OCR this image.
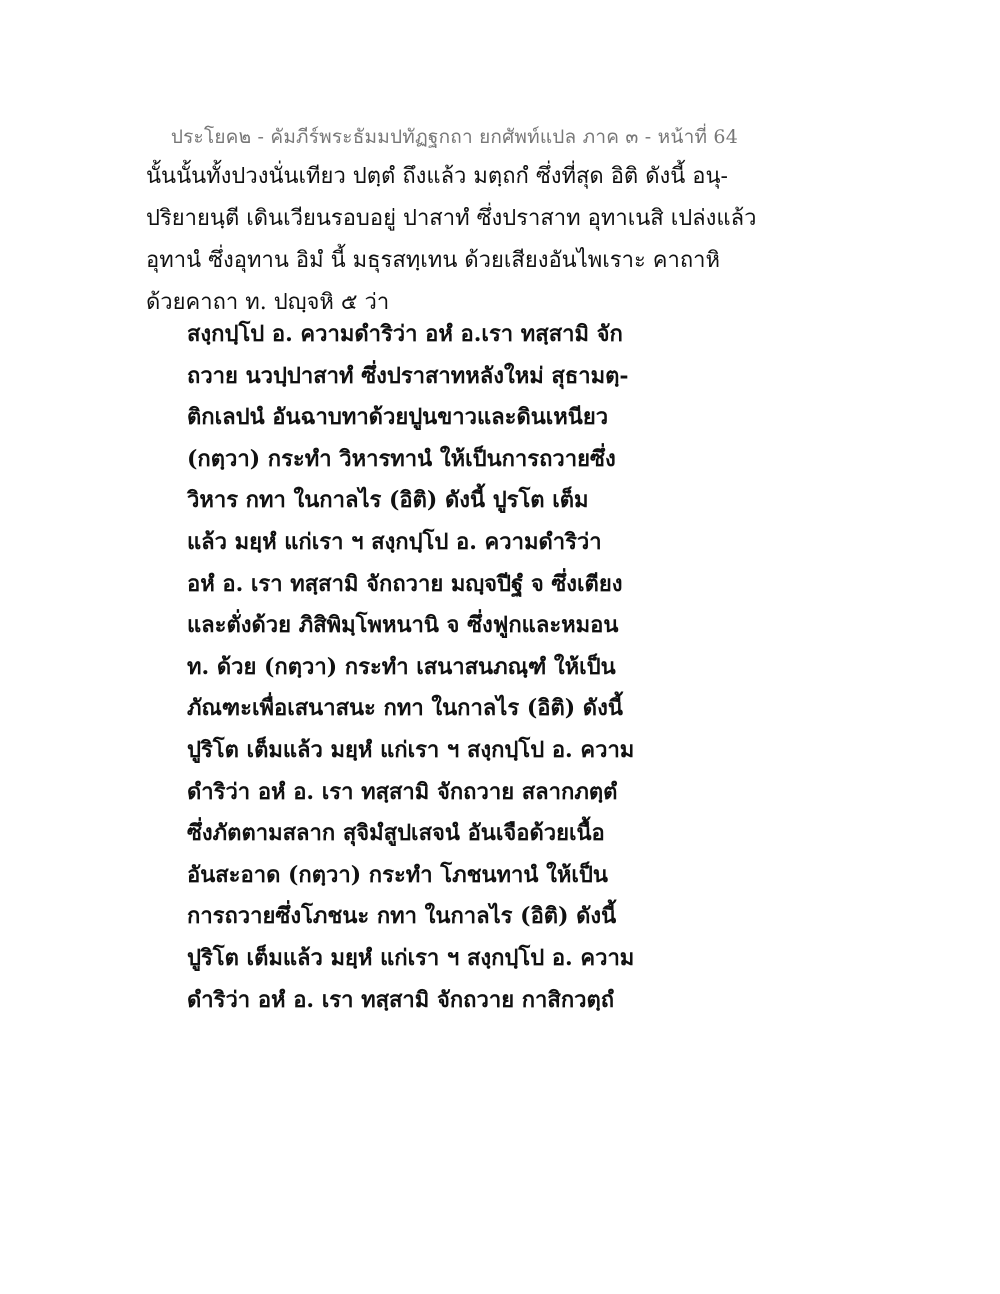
ประโยค๒ - คัมภีร์พระธัมมปทัฏฐกถา ยกศัพท์แปล ภาค ๓ - หน้าที่ 64
นั้นนั้นทั้งปวงนั่นเทียว ปตฺตํ ถึงแล้ว มตฺถกํ ซึ่งที่สุด อิติ ดังนี้ อนุ-
ปริยายนฺตี เดินเวียนรอบอยู่ ปาสาทํ ซึ่งปราสาท อุทาเนสิ เปล่งแล้ว
อุทานํ ซึ่งอุทาน อิมํ นี้ มธุรสทฺเทน ด้วยเสียงอันไพเราะ คาถาหิ
ด้วยคาถา ท. ปญฺจหิ ๕ ว่า
สงฺกปฺโป อ. ความดำริว่า อหํ อ.เรา ทสฺสามิ จัก
ถวาย นวปฺปาสาทํ ซึ่งปราสาทหลังใหม่ สุธามตฺ-
ติกเลปนํ อันฉาบทาด้วยปูนขาวและดินเหนียว
(กตฺวา) กระทำ วิหารทานํ ให้เป็นการถวายซึ่ง
วิหาร กทา ในกาลไร (อิติ) ดังนี้ ปูรโต เต็ม
แล้ว มยฺหํ แก่เรา ฯ สงฺกปฺโป อ. ความดำริว่า
อหํ อ. เรา ทสฺสามิ จักถวาย มญฺจปีฐํ จ ซึ่งเตียง
และตั่งด้วย ภิสิพิมฺโพหนานิ จ ซึ่งฟูกและหมอน
ท. ด้วย (กตฺวา) กระทำ เสนาสนภณฺฑํ ให้เป็น
ภัณฑะเพื่อเสนาสนะ กทา ในกาลไร (อิติ) ดังนี้
ปูริโต เต็มแล้ว มยฺหํ แก่เรา ฯ สงฺกปฺโป อ. ความ
ดำริว่า อหํ อ. เรา ทสฺสามิ จักถวาย สลากภตฺตํ
ซึ่งภัตตามสลาก สุจิมํสูปเสจนํ อันเจือด้วยเนื้อ
อันสะอาด (กตฺวา) กระทำ โภชนทานํ ให้เป็น
การถวายซึ่งโภชนะ กทา ในกาลไร (อิติ) ดังนี้
ปูริโต เต็มแล้ว มยฺหํ แก่เรา ฯ สงฺกปฺโป อ. ความ
ดำริว่า อหํ อ. เรา ทสฺสามิ จักถวาย กาสิกวตฺถํ
